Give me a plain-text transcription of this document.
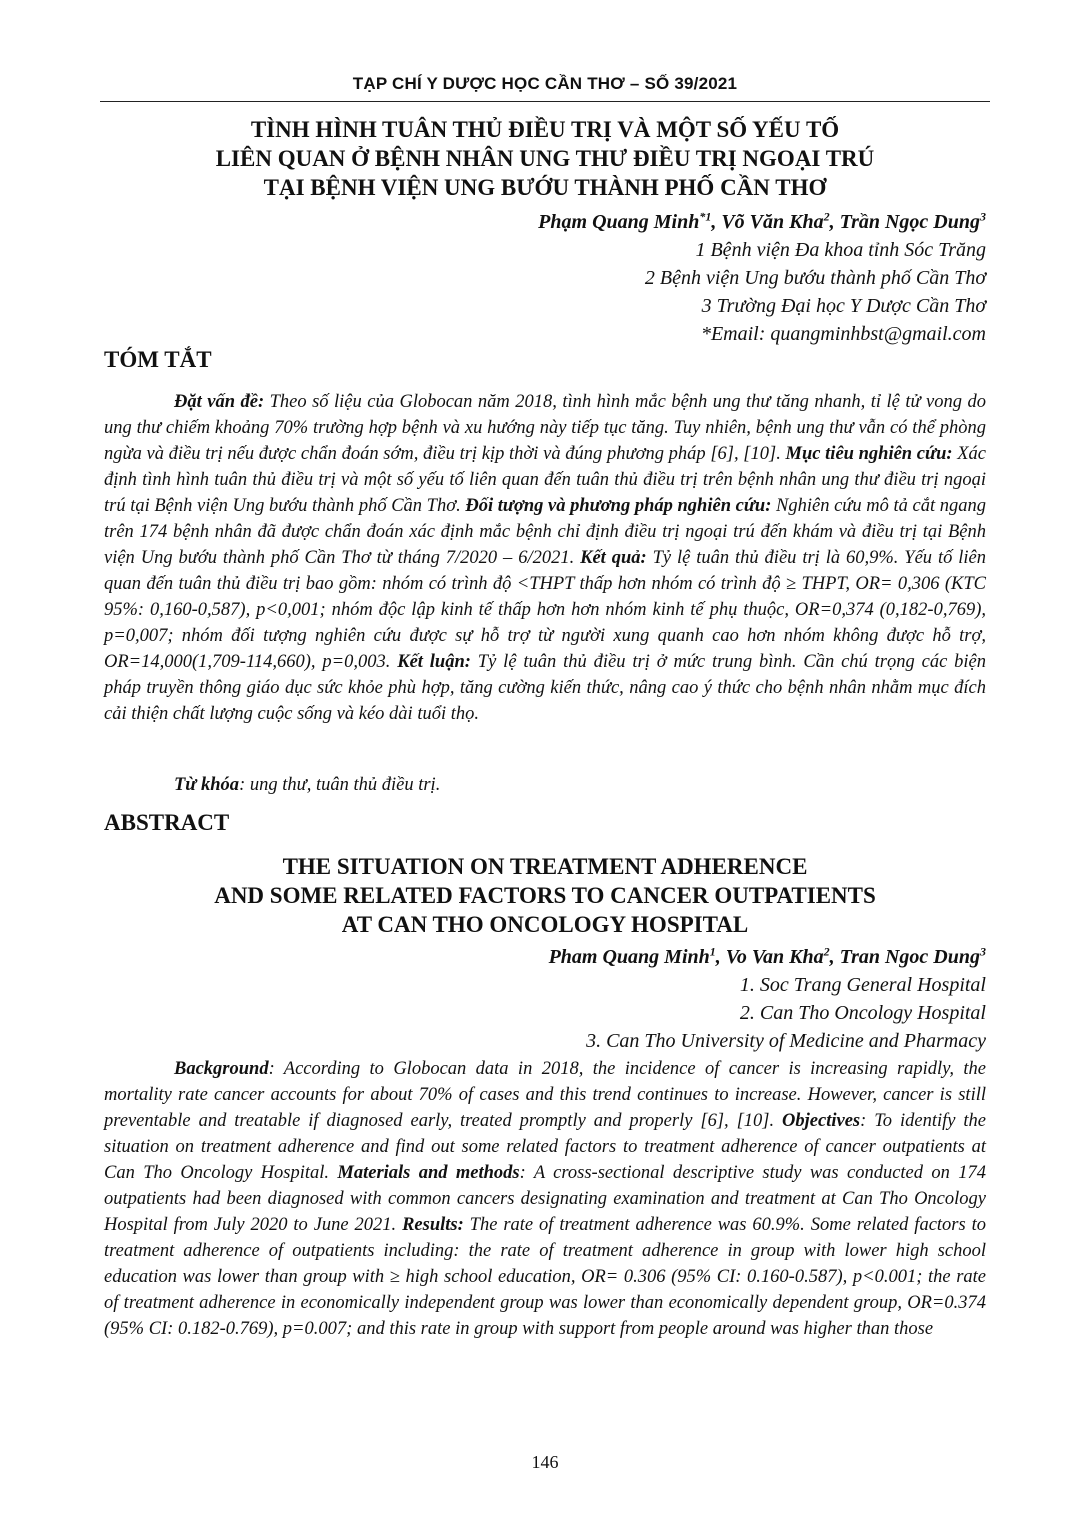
TẠP CHÍ Y DƯỢC HỌC CẦN THƠ – SỐ 39/2021
TÌNH HÌNH TUÂN THỦ ĐIỀU TRỊ VÀ MỘT SỐ YẾU TỐ
LIÊN QUAN Ở BỆNH NHÂN UNG THƯ ĐIỀU TRỊ NGOẠI TRÚ
TẠI BỆNH VIỆN UNG BƯỚU THÀNH PHỐ CẦN THƠ

Phạm Quang Minh$^{*1}$, Võ Văn Kha$^2$, Trần Ngọc Dung$^3$

1 Bệnh viện Đa khoa tỉnh Sóc Trăng
2 Bệnh viện Ung bướu thành phố Cần Thơ
3 Trường Đại học Y Dược Cần Thơ
*Email: quangminhbst@gmail.com
TÓM TẮT

Đặt vấn đề: Theo số liệu của Globocan năm 2018, tình hình mắc bệnh ung thư tăng nhanh, tỉ lệ tử vong do ung thư chiếm khoảng 70% trường hợp bệnh và xu hướng này tiếp tục tăng. Tuy nhiên, bệnh ung thư vẫn có thể phòng ngừa và điều trị nếu được chẩn đoán sớm, điều trị kịp thời và đúng phương pháp [6], [10]. Mục tiêu nghiên cứu: Xác định tình hình tuân thủ điều trị và một số yếu tố liên quan đến tuân thủ điều trị trên bệnh nhân ung thư điều trị ngoại trú tại Bệnh viện Ung bướu thành phố Cần Thơ. Đối tượng và phương pháp nghiên cứu: Nghiên cứu mô tả cắt ngang trên 174 bệnh nhân đã được chẩn đoán xác định mắc bệnh chỉ định điều trị ngoại trú đến khám và điều trị tại Bệnh viện Ung bướu thành phố Cần Thơ từ tháng 7/2020 – 6/2021. Kết quả: Tỷ lệ tuân thủ điều trị là 60,9%. Yếu tố liên quan đến tuân thủ điều trị bao gồm: nhóm có trình độ <THPT thấp hơn nhóm có trình độ ≥ THPT, OR= 0,306 (KTC 95%: 0,160-0,587), p<0,001; nhóm độc lập kinh tế thấp hơn hơn nhóm kinh tế phụ thuộc, OR=0,374 (0,182-0,769), p=0,007; nhóm đối tượng nghiên cứu được sự hỗ trợ từ người xung quanh cao hơn nhóm không được hỗ trợ, OR=14,000(1,709-114,660), p=0,003. Kết luận: Tỷ lệ tuân thủ điều trị ở mức trung bình. Cần chú trọng các biện pháp truyền thông giáo dục sức khỏe phù hợp, tăng cường kiến thức, nâng cao ý thức cho bệnh nhân nhằm mục đích cải thiện chất lượng cuộc sống và kéo dài tuổi thọ.

Từ khóa: ung thư, tuân thủ điều trị.

ABSTRACT
THE SITUATION ON TREATMENT ADHERENCE
AND SOME RELATED FACTORS TO CANCER OUTPATIENTS
AT CAN THO ONCOLOGY HOSPITAL

Pham Quang Minh$^1$, Vo Van Kha$^2$, Tran Ngoc Dung$^3$

1. Soc Trang General Hospital
2. Can Tho Oncology Hospital
3. Can Tho University of Medicine and Pharmacy

Background: According to Globocan data in 2018, the incidence of cancer is increasing rapidly, the mortality rate cancer accounts for about 70% of cases and this trend continues to increase. However, cancer is still preventable and treatable if diagnosed early, treated promptly and properly [6], [10]. Objectives: To identify the situation on treatment adherence and find out some related factors to treatment adherence of cancer outpatients at Can Tho Oncology Hospital. Materials and methods: A cross-sectional descriptive study was conducted on 174 outpatients had been diagnosed with common cancers designating examination and treatment at Can Tho Oncology Hospital from July 2020 to June 2021. Results: The rate of treatment adherence was 60.9%. Some related factors to treatment adherence of outpatients including: the rate of treatment adherence in group with lower high school education was lower than group with ≥ high school education, OR= 0.306 (95% CI: 0.160-0.587), p<0.001; the rate of treatment adherence in economically independent group was lower than economically dependent group, OR=0.374 (95% CI: 0.182-0.769), p=0.007; and this rate in group with support from people around was higher than those

146
